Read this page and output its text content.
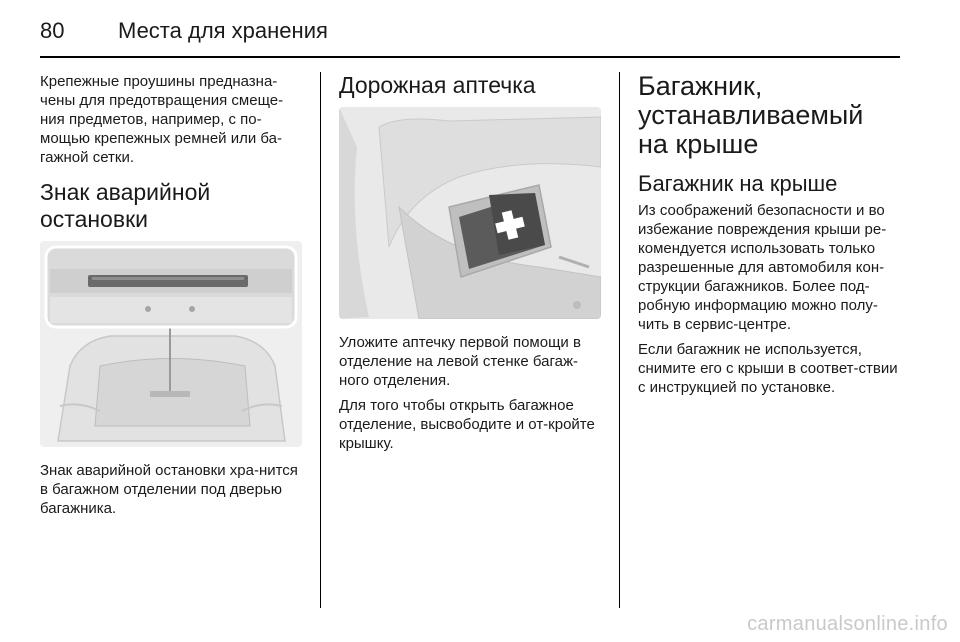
80 Места для хранения

Крепежные проушины предназна-чены для предотвращения смеще-ния предметов, например, с по-мощью крепежных ремней или ба-гажной сетки.

Знак аварийной остановки

Знак аварийной остановки хра-нится в багажном отделении под дверью багажника.

Дорожная аптечка

Уложите аптечку первой помощи в отделение на левой стенке багаж-ного отделения.

Для того чтобы открыть багажное отделение, высвободите и от-кройте крышку.

Багажник, устанавливаемый на крыше
Багажник на крыше

Из соображений безопасности и во избежание повреждения крыши ре-комендуется использовать только разрешенные для автомобиля кон-струкции багажников. Более под-робную информацию можно полу-чить в сервис-центре.

Если багажник не используется, снимите его с крыши в соответ-ствии с инструкцией по установке.

carmanualsonline.info
